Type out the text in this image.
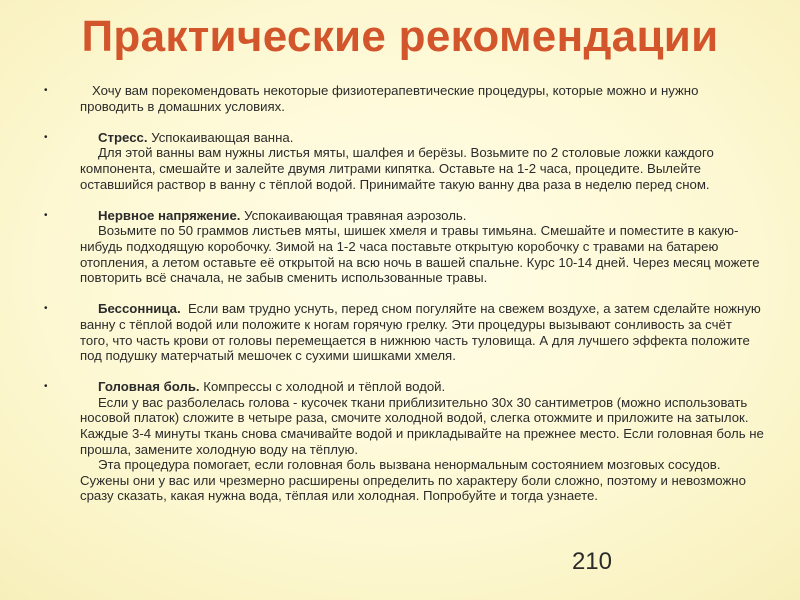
Практические рекомендации
•	Хочу вам порекомендовать некоторые физиотерапевтические процедуры, которые можно и нужно проводить в домашних условиях.

•	Стресс. Успокаивающая ванна.

Для этой ванны вам нужны листья мяты, шалфея и берёзы. Возьмите по 2 столовые ложки каждого компонента, смешайте и залейте двумя литрами кипятка. Оставьте на 1-2 часа, процедите. Вылейте оставшийся раствор в ванну с тёплой водой. Принимайте такую ванну два раза в неделю перед сном.

•	Нервное напряжение. Успокаивающая травяная аэрозоль.

Возьмите по 50 граммов листьев мяты, шишек хмеля и травы тимьяна. Смешайте и поместите в какую-нибудь подходящую коробочку. Зимой на 1-2 часа поставьте открытую коробочку с травами на батарею отопления, а летом оставьте её открытой на всю ночь в вашей спальне. Курс 10-14 дней. Через месяц можете повторить всё сначала, не забыв сменить использованные травы.

•	Бессонница. Если вам трудно уснуть, перед сном погуляйте на свежем воздухе, а затем сделайте ножную ванну с тёплой водой или положите к ногам горячую грелку. Эти процедуры вызывают сонливость за счёт того, что часть крови от головы перемещается в нижнюю часть туловища. А для лучшего эффекта положите под подушку матерчатый мешочек с сухими шишками хмеля.

•	Головная боль. Компрессы с холодной и тёплой водой.

Если у вас разболелась голова - кусочек ткани приблизительно 30х 30 сантиметров (можно использовать носовой платок) сложите в четыре раза, смочите холодной водой, слегка отожмите и приложите на затылок. Каждые 3-4 минуты ткань снова смачивайте водой и прикладывайте на прежнее место. Если головная боль не прошла, замените холодную воду на тёплую.

Эта процедура помогает, если головная боль вызвана ненормальным состоянием мозговых сосудов. Сужены они у вас или чрезмерно расширены определить по характеру боли сложно, поэтому и невозможно сразу сказать, какая нужна вода, тёплая или холодная. Попробуйте и тогда узнаете.

210
